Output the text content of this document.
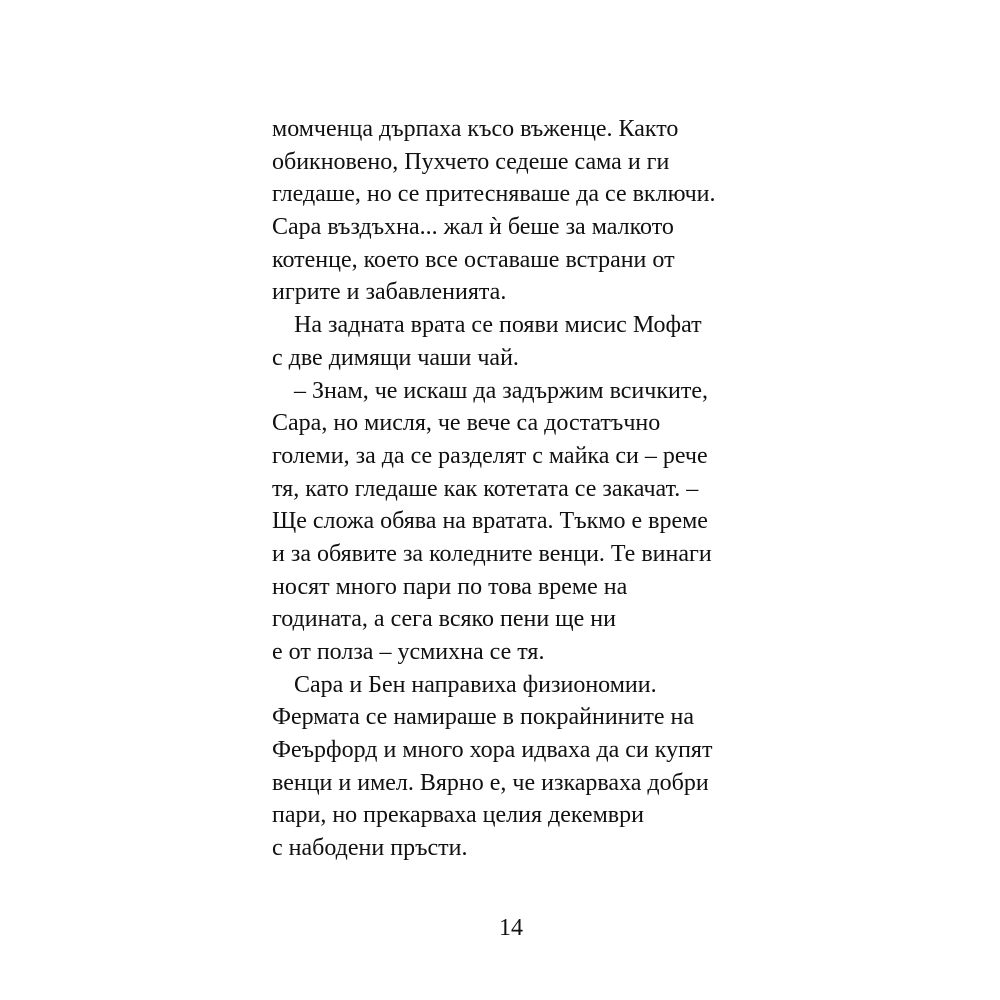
момченца дърпаха късо въженце. Както
обикновено, Пухчето седеше сама и ги
гледаше, но се притесняваше да се включи.
Сара въздъхна... жал ѝ беше за малкото
котенце, което все оставаше встрани от
игрите и забавленията.
На задната врата се появи мисис Мофат
с две димящи чаши чай.
– Знам, че искаш да задържим всичките,
Сара, но мисля, че вече са достатъчно
големи, за да се разделят с майка си – рече
тя, като гледаше как котетата се закачат. –
Ще сложа обява на вратата. Тъкмо е време
и за обявите за коледните венци. Те винаги
носят много пари по това време на
годината, а сега всяко пени ще ни
е от полза – усмихна се тя.
Сара и Бен направиха физиономии.
Фермата се намираше в покрайнините на
Феърфорд и много хора идваха да си купят
венци и имел. Вярно е, че изкарваха добри
пари, но прекарваха целия декември
с набодени пръсти.
14
